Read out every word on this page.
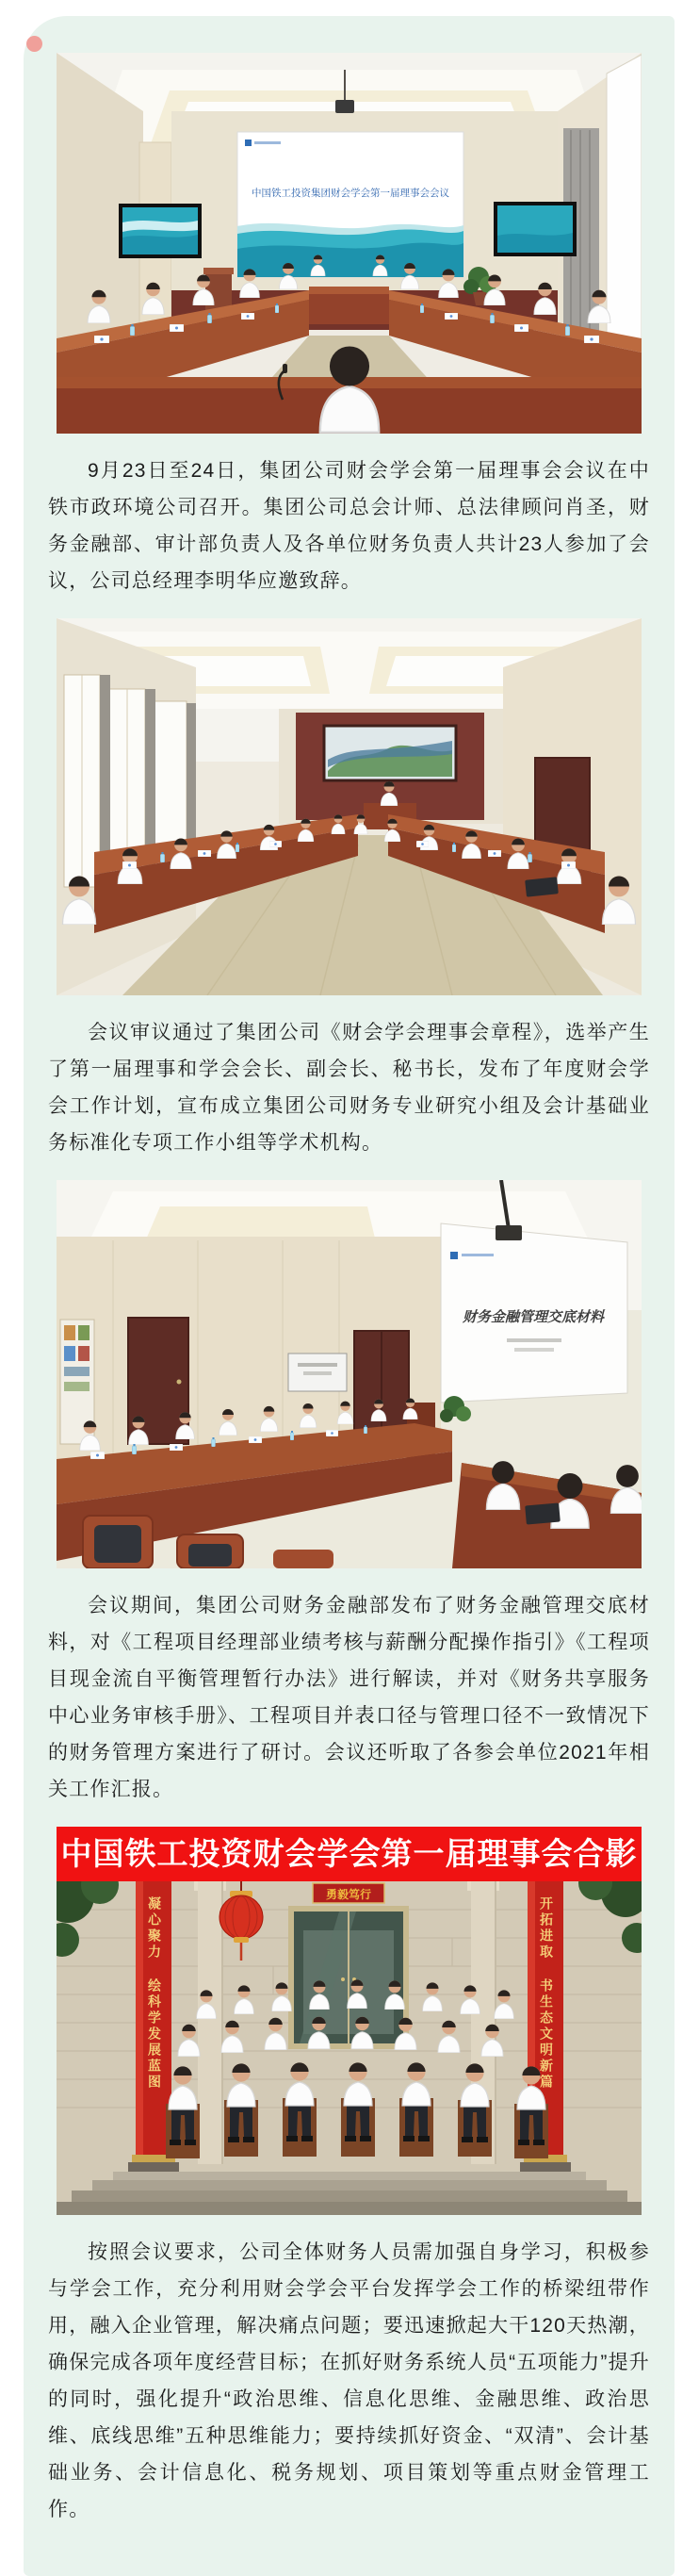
中国铁工投资集团财会学会第一届理事会会议

9月23日至24日，集团公司财会学会第一届理事会会议在中铁市政环境公司召开。集团公司总会计师、总法律顾问肖圣，财务金融部、审计部负责人及各单位财务负责人共计23人参加了会议，公司总经理李明华应邀致辞。

会议审议通过了集团公司《财会学会理事会章程》，选举产生了第一届理事和学会会长、副会长、秘书长，发布了年度财会学会工作计划，宣布成立集团公司财务专业研究小组及会计基础业务标准化专项工作小组等学术机构。

财务金融管理交底材料

会议期间，集团公司财务金融部发布了财务金融管理交底材料，对《工程项目经理部业绩考核与薪酬分配操作指引》《工程项目现金流自平衡管理暂行办法》进行解读，并对《财务共享服务中心业务审核手册》、工程项目并表口径与管理口径不一致情况下的财务管理方案进行了研讨。会议还听取了各参会单位2021年相关工作汇报。

中国铁工投资财会学会第一届理事会合影
勇毅笃行
凝心聚力 绘科学发展蓝图	开拓进取 书生态文明新篇

按照会议要求，公司全体财务人员需加强自身学习，积极参与学会工作，充分利用财会学会平台发挥学会工作的桥梁纽带作用，融入企业管理，解决痛点问题；要迅速掀起大干120天热潮，确保完成各项年度经营目标；在抓好财务系统人员“五项能力”提升的同时，强化提升“政治思维、信息化思维、金融思维、政治思维、底线思维”五种思维能力；要持续抓好资金、“双清”、会计基础业务、会计信息化、税务规划、项目策划等重点财金管理工作。
